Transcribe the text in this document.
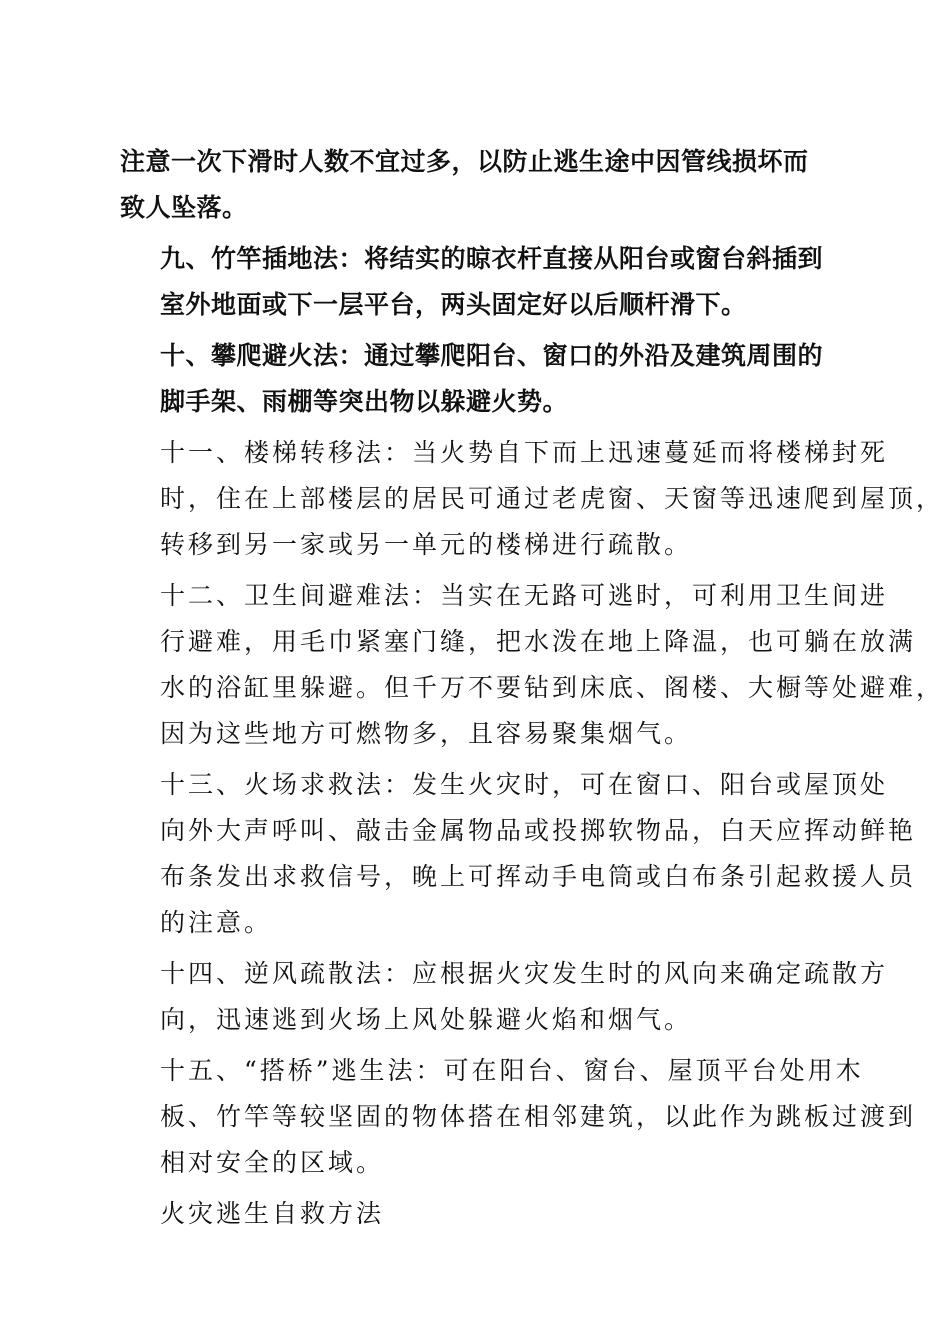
注意一次下滑时人数不宜过多，以防止逃生途中因管线损坏而
致人坠落。

九、竹竿插地法：将结实的晾衣杆直接从阳台或窗台斜插到
室外地面或下一层平台，两头固定好以后顺杆滑下。

十、攀爬避火法：通过攀爬阳台、窗口的外沿及建筑周围的
脚手架、雨棚等突出物以躲避火势。

十一、楼梯转移法：当火势自下而上迅速蔓延而将楼梯封死
时，住在上部楼层的居民可通过老虎窗、天窗等迅速爬到屋顶，
转移到另一家或另一单元的楼梯进行疏散。

十二、卫生间避难法：当实在无路可逃时，可利用卫生间进
行避难，用毛巾紧塞门缝，把水泼在地上降温，也可躺在放满
水的浴缸里躲避。但千万不要钻到床底、阁楼、大橱等处避难，
因为这些地方可燃物多，且容易聚集烟气。

十三、火场求救法：发生火灾时，可在窗口、阳台或屋顶处
向外大声呼叫、敲击金属物品或投掷软物品，白天应挥动鲜艳
布条发出求救信号，晚上可挥动手电筒或白布条引起救援人员
的注意。

十四、逆风疏散法：应根据火灾发生时的风向来确定疏散方
向，迅速逃到火场上风处躲避火焰和烟气。

十五、“搭桥”逃生法：可在阳台、窗台、屋顶平台处用木
板、竹竿等较坚固的物体搭在相邻建筑，以此作为跳板过渡到
相对安全的区域。

火灾逃生自救方法
